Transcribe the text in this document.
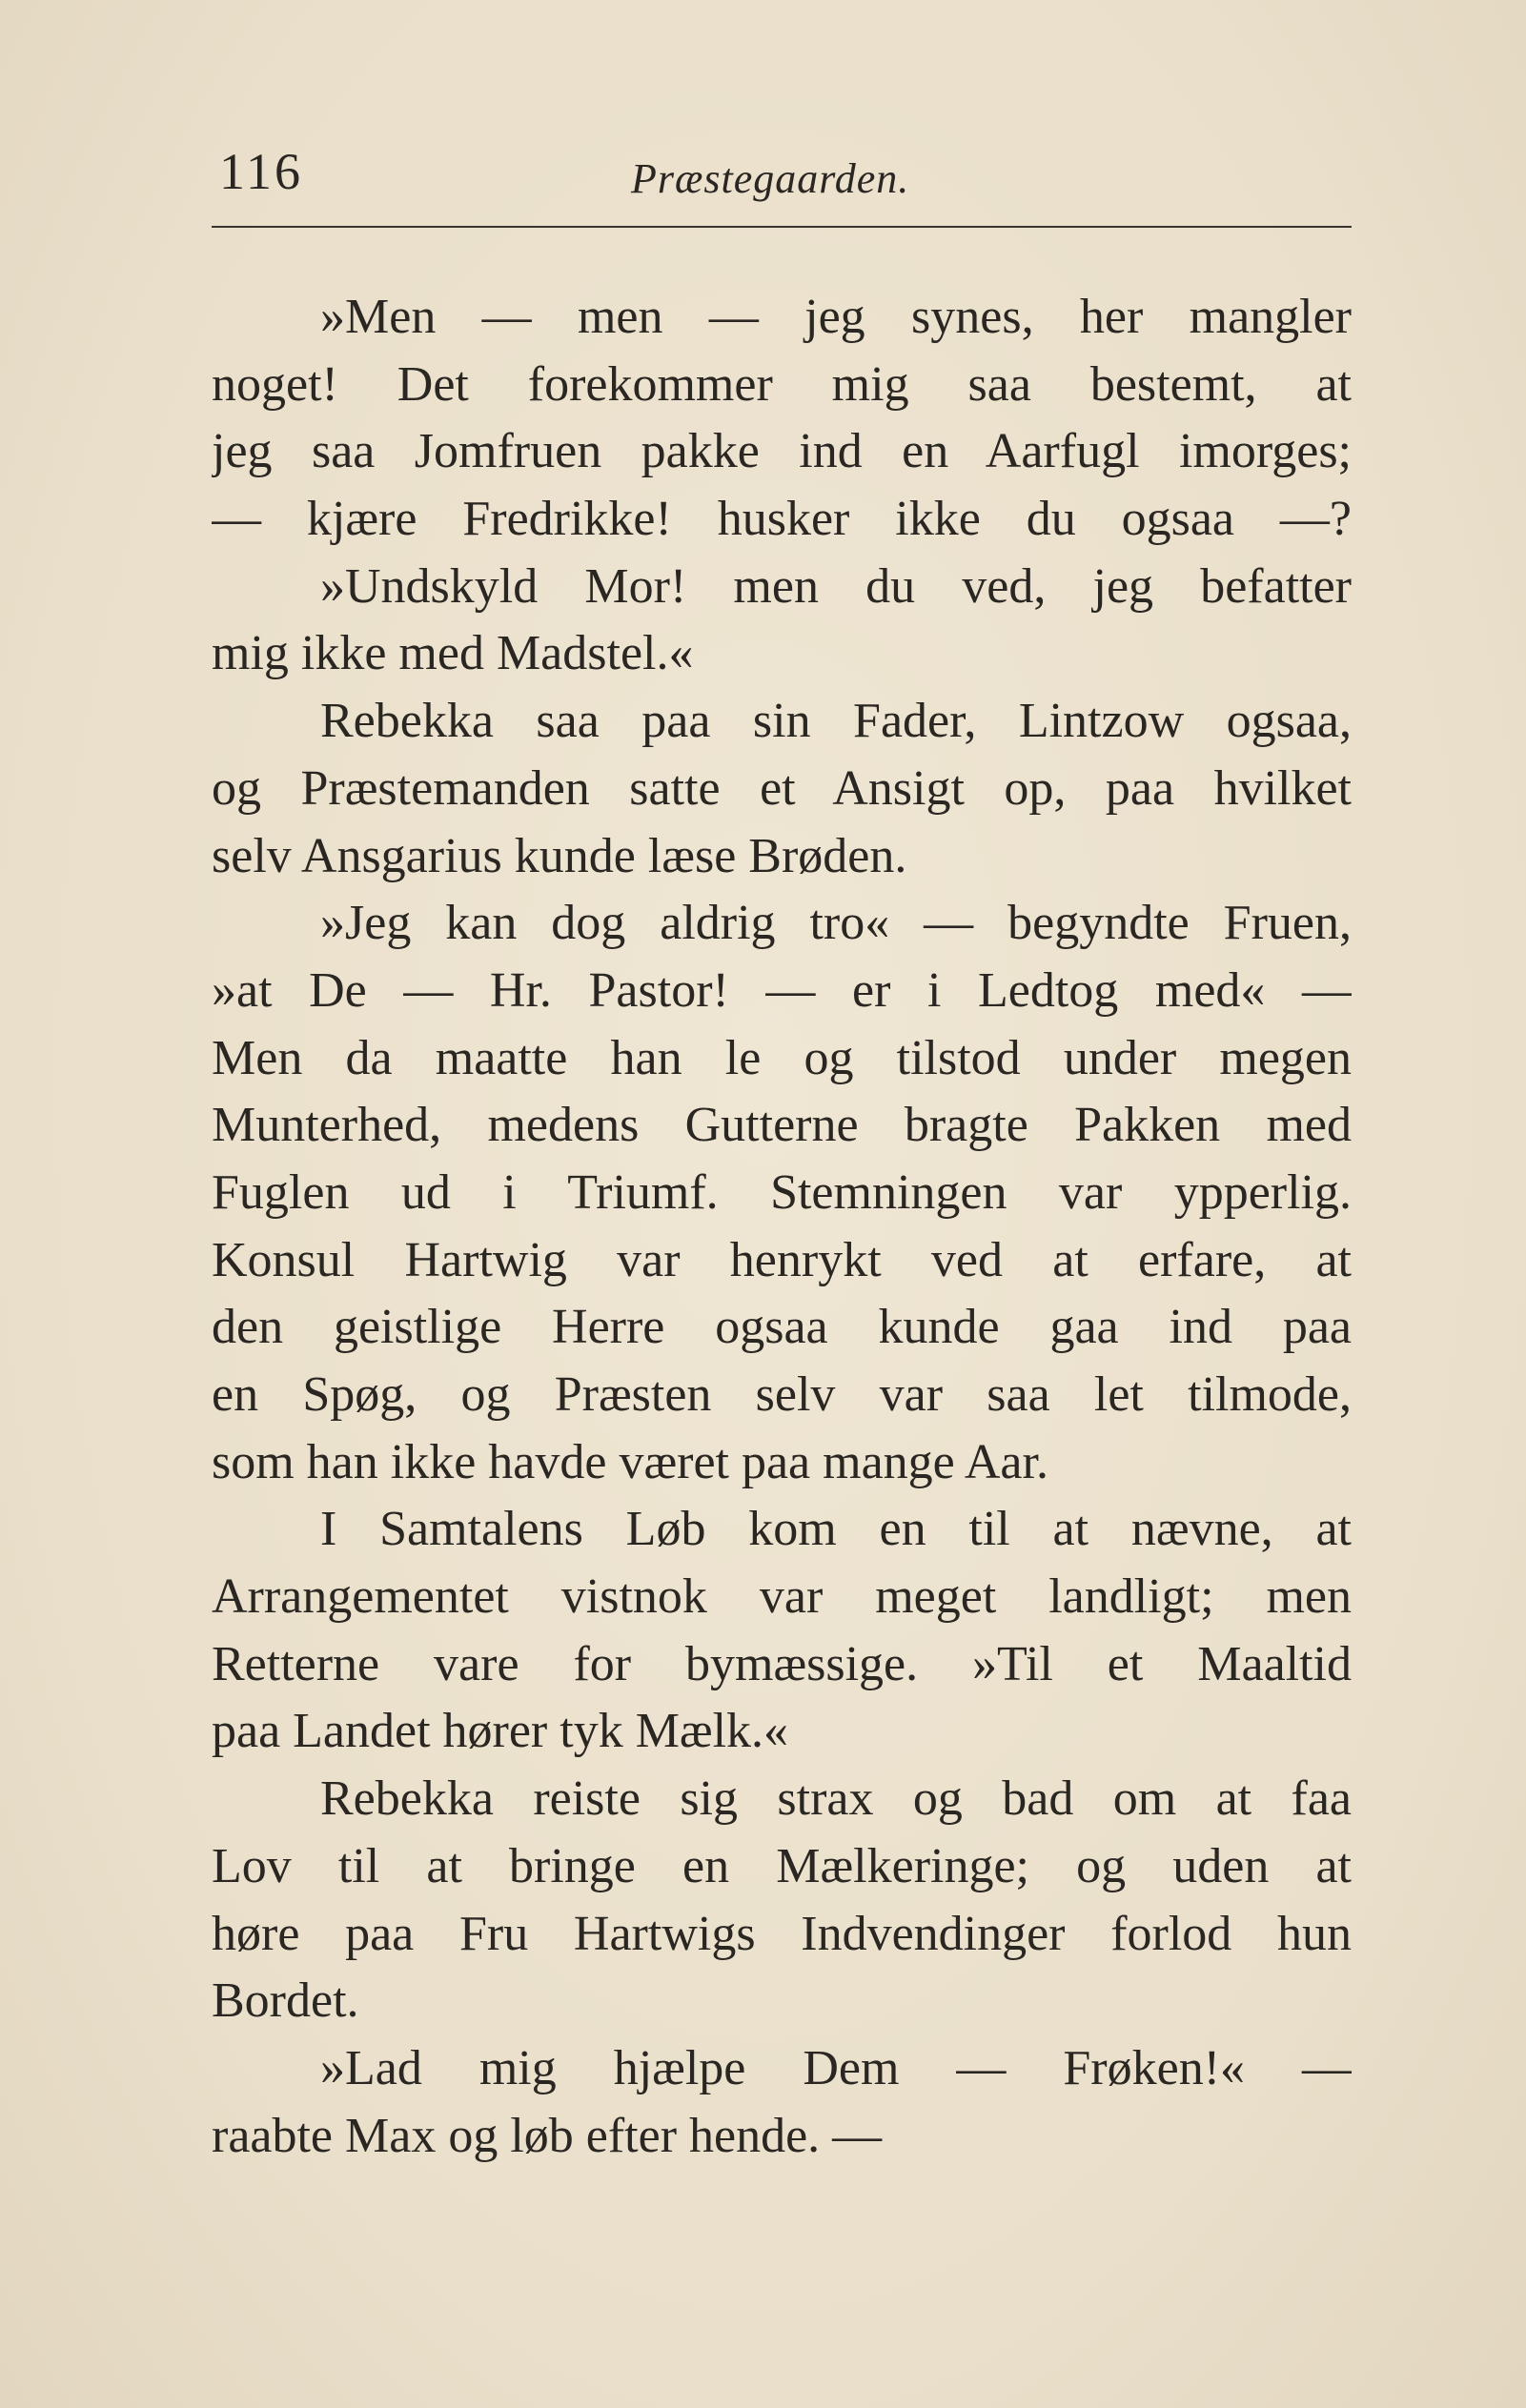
116	Præstegaarden.
»Men — men — jeg synes, her mangler
noget! Det forekommer mig saa bestemt, at
jeg saa Jomfruen pakke ind en Aarfugl imorges;
— kjære Fredrikke! husker ikke du ogsaa —?
»Undskyld Mor! men du ved, jeg befatter
mig ikke med Madstel.«
Rebekka saa paa sin Fader, Lintzow ogsaa,
og Præstemanden satte et Ansigt op, paa hvilket
selv Ansgarius kunde læse Brøden.
»Jeg kan dog aldrig tro« — begyndte Fruen,
»at De — Hr. Pastor! — er i Ledtog med« —
Men da maatte han le og tilstod under megen
Munterhed, medens Gutterne bragte Pakken med
Fuglen ud i Triumf. Stemningen var ypperlig.
Konsul Hartwig var henrykt ved at erfare, at
den geistlige Herre ogsaa kunde gaa ind paa
en Spøg, og Præsten selv var saa let tilmode,
som han ikke havde været paa mange Aar.
I Samtalens Løb kom en til at nævne, at
Arrangementet vistnok var meget landligt; men
Retterne vare for bymæssige. »Til et Maaltid
paa Landet hører tyk Mælk.«
Rebekka reiste sig strax og bad om at faa
Lov til at bringe en Mælkeringe; og uden at
høre paa Fru Hartwigs Indvendinger forlod hun
Bordet.
»Lad mig hjælpe Dem — Frøken!« —
raabte Max og løb efter hende. —
